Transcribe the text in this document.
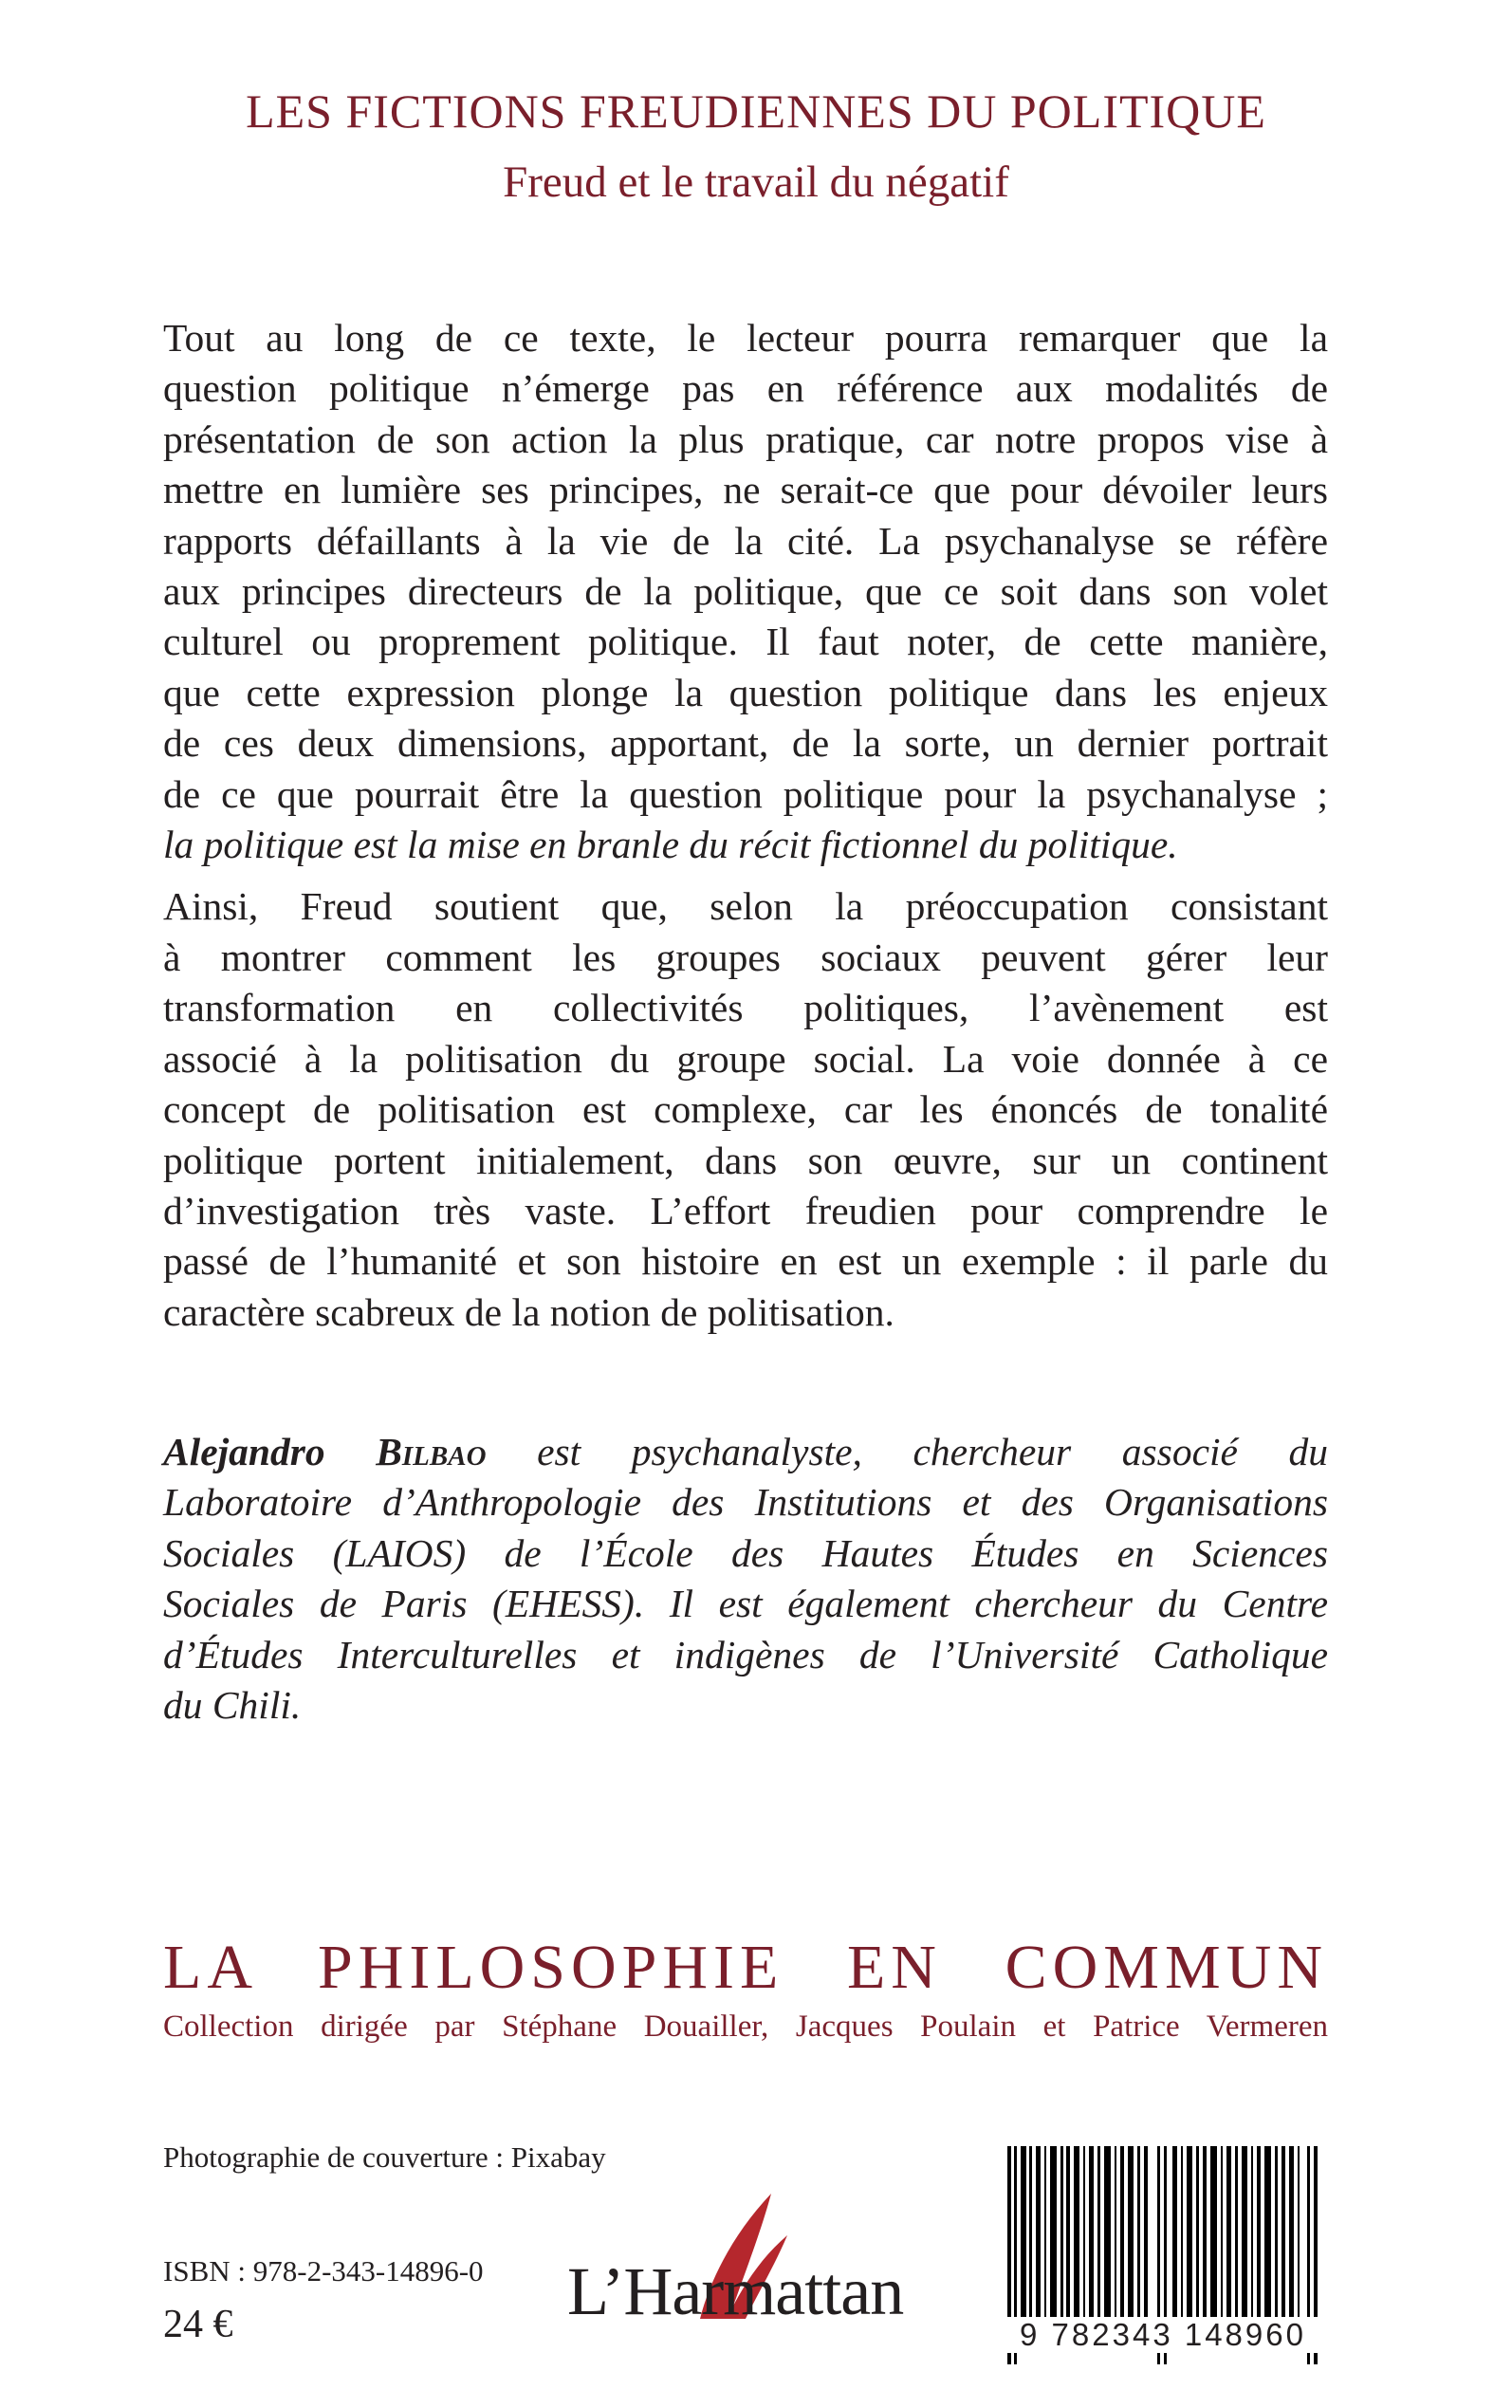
LES FICTIONS FREUDIENNES DU POLITIQUE
Freud et le travail du négatif

Tout au long de ce texte, le lecteur pourra remarquer que la
question politique n’émerge pas en référence aux modalités de
présentation de son action la plus pratique, car notre propos vise à
mettre en lumière ses principes, ne serait-ce que pour dévoiler leurs
rapports défaillants à la vie de la cité. La psychanalyse se réfère
aux principes directeurs de la politique, que ce soit dans son volet
culturel ou proprement politique. Il faut noter, de cette manière,
que cette expression plonge la question politique dans les enjeux
de ces deux dimensions, apportant, de la sorte, un dernier portrait
de ce que pourrait être la question politique pour la psychanalyse ;
la politique est la mise en branle du récit fictionnel du politique.

Ainsi, Freud soutient que, selon la préoccupation consistant
à montrer comment les groupes sociaux peuvent gérer leur
transformation en collectivités politiques, l’avènement est
associé à la politisation du groupe social. La voie donnée à ce
concept de politisation est complexe, car les énoncés de tonalité
politique portent initialement, dans son œuvre, sur un continent
d’investigation très vaste. L’effort freudien pour comprendre le
passé de l’humanité et son histoire en est un exemple : il parle du
caractère scabreux de la notion de politisation.

Alejandro Bilbao est psychanalyste, chercheur associé du
Laboratoire d’Anthropologie des Institutions et des Organisations
Sociales (LAIOS) de l’École des Hautes Études en Sciences
Sociales de Paris (EHESS). Il est également chercheur du Centre
d’Études Interculturelles et indigènes de l’Université Catholique
du Chili.
LA PHILOSOPHIE EN COMMUN
Collection dirigée par Stéphane Douailler, Jacques Poulain et Patrice Vermeren
Photographie de couverture : Pixabay
ISBN : 978-2-343-14896-0
24 €	L’Harmattan
9 782343 148960
